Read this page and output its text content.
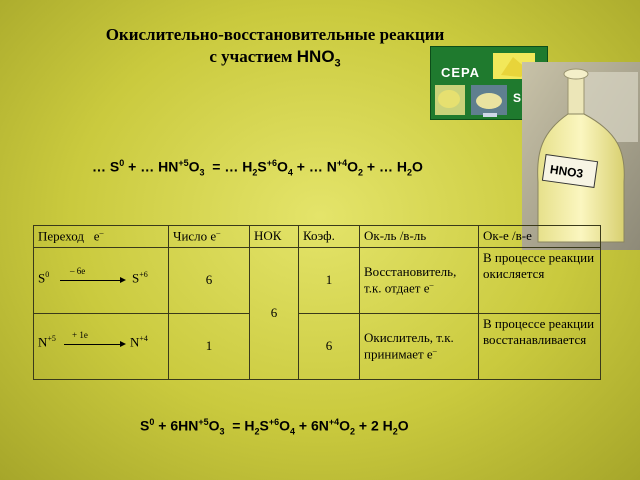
Окислительно-восстановительные реакции
с участием $HNO_3$
СЕРА
S
HNO3
… $S^0$ + … $HN^{+5}O_3$  = … $H_2S^{+6}O_4$ + … $N^{+4}O_2$ + … $H_2O$
Переход е–	Число е–	НОК	Коэф.	Ок-ль /в-ль	Ок-е /в-е

$S^0 - 6е$ $S^{+6}$	6	6	1	Восстановитель, т.к. отдает е–	В процессе реакции окисляется

$N^{+5} + 1е$ $N^{+4}$	1		6	Окислитель, т.к. принимает е–	В процессе реакции восстанавливается
$S^0 + 6HN^{+5}O_3 = H_2S^{+6}O_4 + 6N^{+4}O_2 + 2$ $H_2O$
